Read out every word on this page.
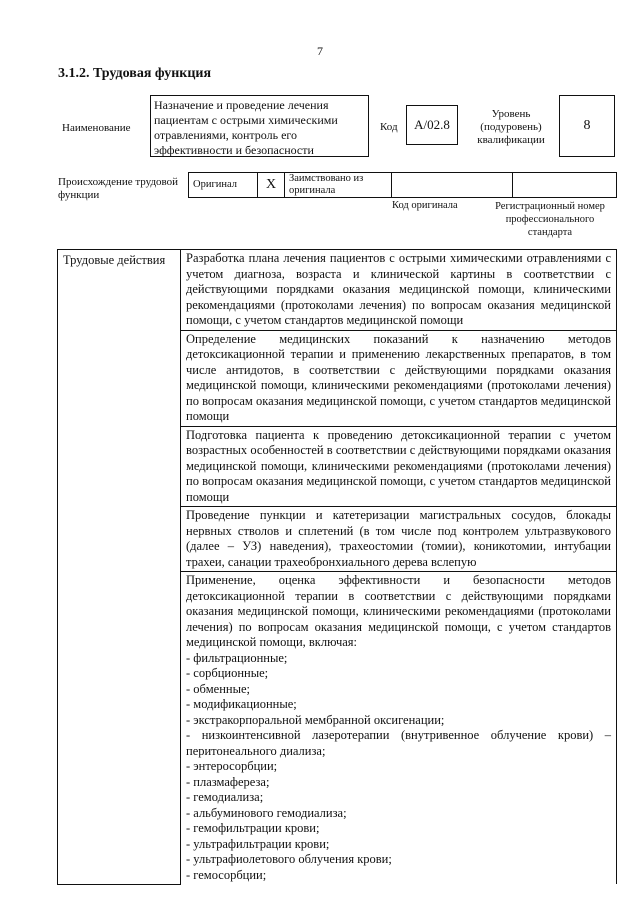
7
3.1.2. Трудовая функция
Наименование
Назначение и проведение лечения пациентам с острыми химическими отравлениями, контроль его эффективности и безопасности
Код	A/02.8
Уровень (подуровень) квалификации
8
Происхождение трудовой функции
Оригинал	X	Заимствовано из оригинала		
Код оригинала	Регистрационный номер профессионального стандарта
Трудовые действия	Разработка плана лечения пациентов с острыми химическими отравлениями с учетом диагноза, возраста и клинической картины в соответствии с действующими порядками оказания медицинской помощи, клиническими рекомендациями (протоколами лечения) по вопросам оказания медицинской помощи, с учетом стандартов медицинской помощи
Определение медицинских показаний к назначению методов детоксикационной терапии и применению лекарственных препаратов, в том числе антидотов, в соответствии с действующими порядками оказания медицинской помощи, клиническими рекомендациями (протоколами лечения) по вопросам оказания медицинской помощи, с учетом стандартов медицинской помощи
Подготовка пациента к проведению детоксикационной терапии с учетом возрастных особенностей в соответствии с действующими порядками оказания медицинской помощи, клиническими рекомендациями (протоколами лечения) по вопросам оказания медицинской помощи, с учетом стандартов медицинской помощи
Проведение пункции и катетеризации магистральных сосудов, блокады нервных стволов и сплетений (в том числе под контролем ультразвукового (далее – УЗ) наведения), трахеостомии (томии), коникотомии, интубации трахеи, санации трахеобронхиального дерева вслепую
Применение, оценка эффективности и безопасности методов детоксикационной терапии в соответствии с действующими порядками оказания медицинской помощи, клиническими рекомендациями (протоколами лечения) по вопросам оказания медицинской помощи, с учетом стандартов медицинской помощи, включая:
- фильтрационные;
- сорбционные;
- обменные;
- модификационные;
- экстракорпоральной мембранной оксигенации;
- низкоинтенсивной лазеротерапии (внутривенное облучение крови) – перитонеального диализа;
- энтеросорбции;
- плазмафереза;
- гемодиализа;
- альбуминового гемодиализа;
- гемофильтрации крови;
- ультрафильтрации крови;
- ультрафиолетового облучения крови;
- гемосорбции;
